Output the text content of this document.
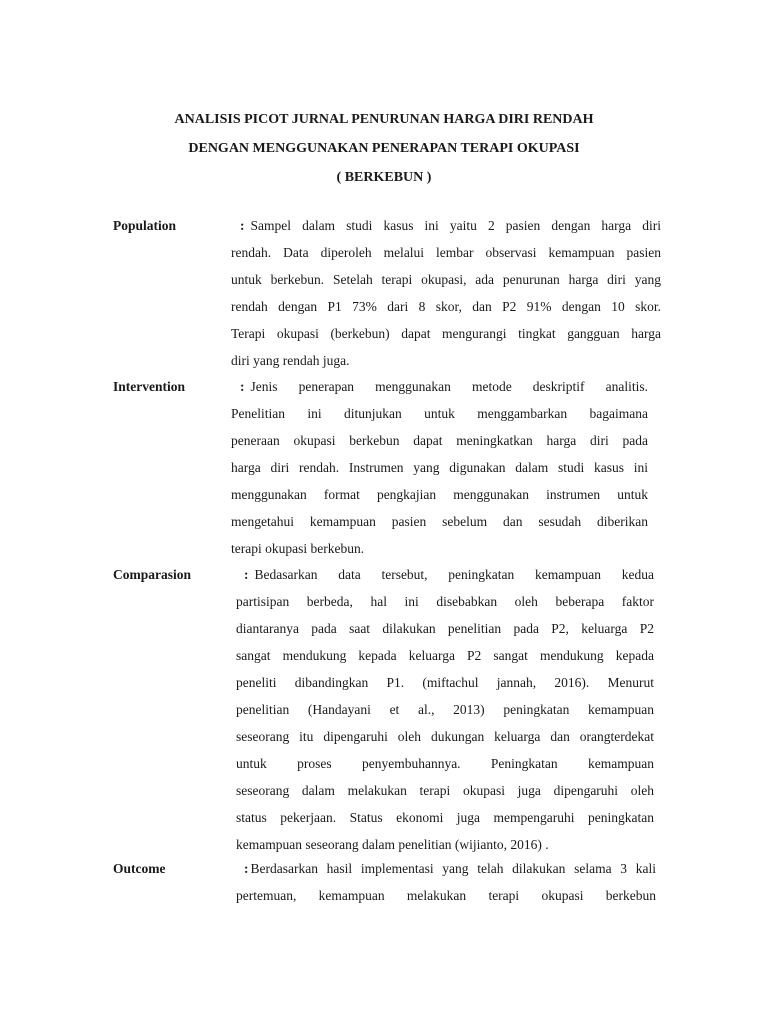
ANALISIS PICOT JURNAL PENURUNAN HARGA DIRI RENDAH
DENGAN MENGGUNAKAN PENERAPAN TERAPI OKUPASI
( BERKEBUN )
Population	: Sampel dalam studi kasus ini yaitu 2 pasien dengan harga diri
rendah. Data diperoleh melalui lembar observasi kemampuan pasien
untuk berkebun. Setelah terapi okupasi, ada penurunan harga diri yang
rendah dengan P1 73% dari 8 skor, dan P2 91% dengan 10 skor.
Terapi okupasi (berkebun) dapat mengurangi tingkat gangguan harga
diri yang rendah juga.
Intervention	: Jenis penerapan menggunakan metode deskriptif analitis.
Penelitian ini ditunjukan untuk menggambarkan bagaimana
peneraan okupasi berkebun dapat meningkatkan harga diri pada
harga diri rendah. Instrumen yang digunakan dalam studi kasus ini
menggunakan format pengkajian menggunakan instrumen untuk
mengetahui kemampuan pasien sebelum dan sesudah diberikan
terapi okupasi berkebun.
Comparasion	: Bedasarkan data tersebut, peningkatan kemampuan kedua
partisipan berbeda, hal ini disebabkan oleh beberapa faktor
diantaranya pada saat dilakukan penelitian pada P2, keluarga P2
sangat mendukung kepada keluarga P2 sangat mendukung kepada
peneliti dibandingkan P1. (miftachul jannah, 2016). Menurut
penelitian (Handayani et al., 2013) peningkatan kemampuan
seseorang itu dipengaruhi oleh dukungan keluarga dan orangterdekat
untuk proses penyembuhannya. Peningkatan kemampuan
seseorang dalam melakukan terapi okupasi juga dipengaruhi oleh
status pekerjaan. Status ekonomi juga mempengaruhi peningkatan
kemampuan seseorang dalam penelitian (wijianto, 2016) .
Outcome	: Berdasarkan hasil implementasi yang telah dilakukan selama 3 kali
pertemuan, kemampuan melakukan terapi okupasi berkebun
